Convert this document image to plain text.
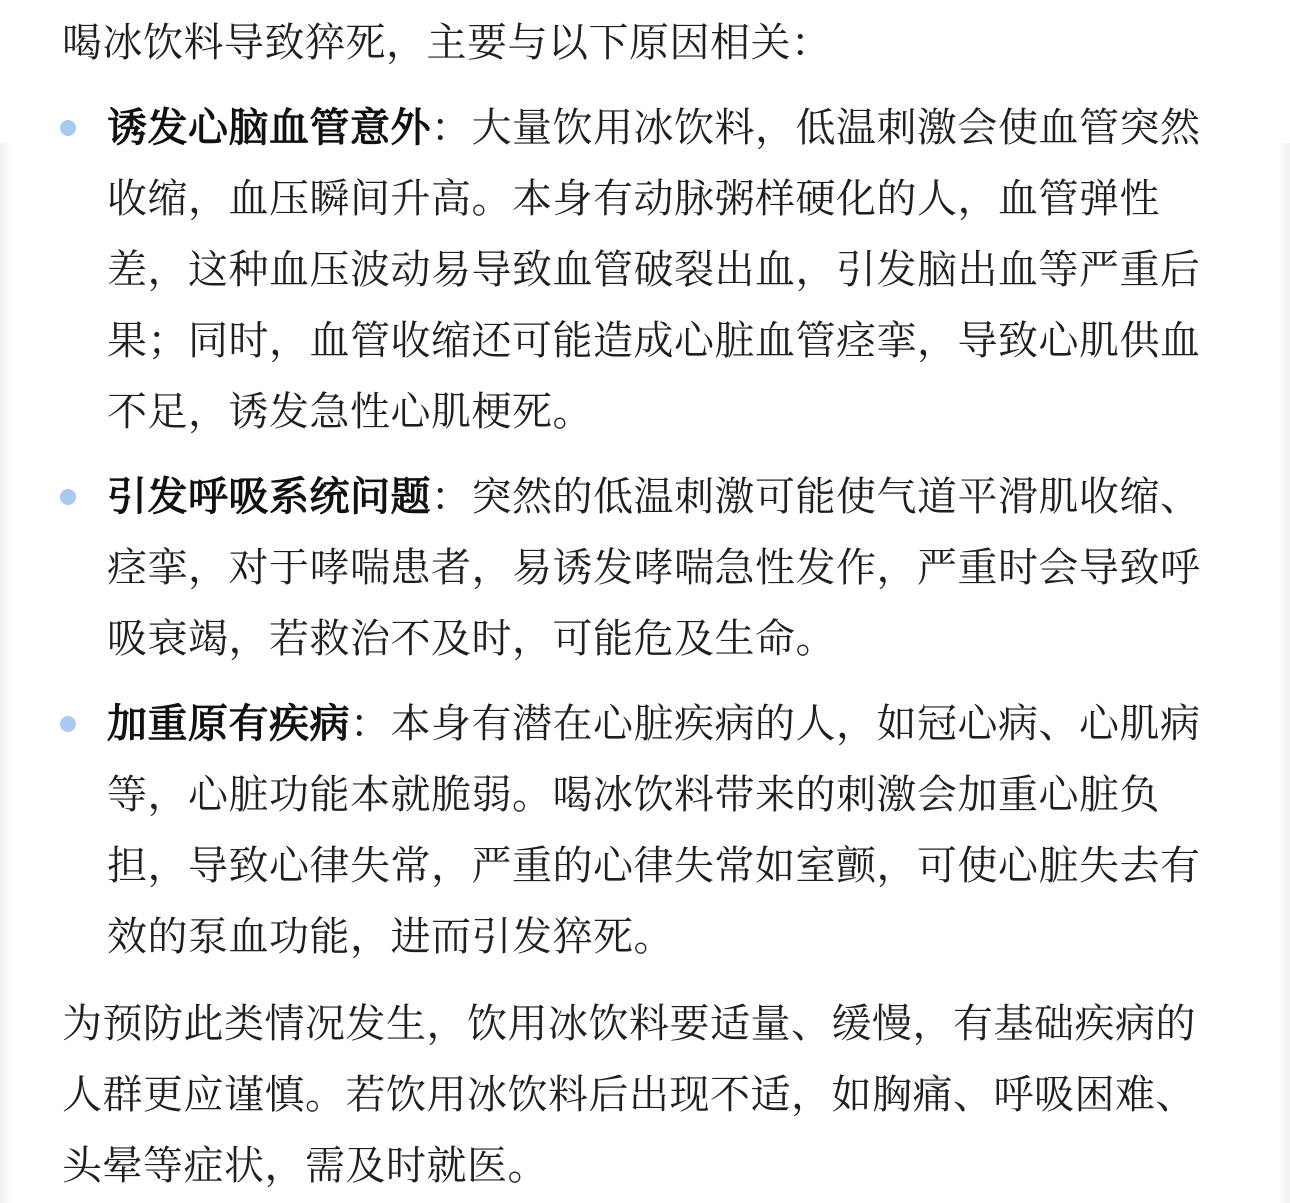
喝冰饮料导致猝死，主要与以下原因相关：

诱发心脑血管意外：大量饮用冰饮料，低温刺激会使血管突然收缩，血压瞬间升高。本身有动脉粥样硬化的人，血管弹性差，这种血压波动易导致血管破裂出血，引发脑出血等严重后果；同时，血管收缩还可能造成心脏血管痉挛，导致心肌供血不足，诱发急性心肌梗死。
引发呼吸系统问题：突然的低温刺激可能使气道平滑肌收缩、痉挛，对于哮喘患者，易诱发哮喘急性发作，严重时会导致呼吸衰竭，若救治不及时，可能危及生命。
加重原有疾病：本身有潜在心脏疾病的人，如冠心病、心肌病等，心脏功能本就脆弱。喝冰饮料带来的刺激会加重心脏负担，导致心律失常，严重的心律失常如室颤，可使心脏失去有效的泵血功能，进而引发猝死。

为预防此类情况发生，饮用冰饮料要适量、缓慢，有基础疾病的人群更应谨慎。若饮用冰饮料后出现不适，如胸痛、呼吸困难、头晕等症状，需及时就医。
